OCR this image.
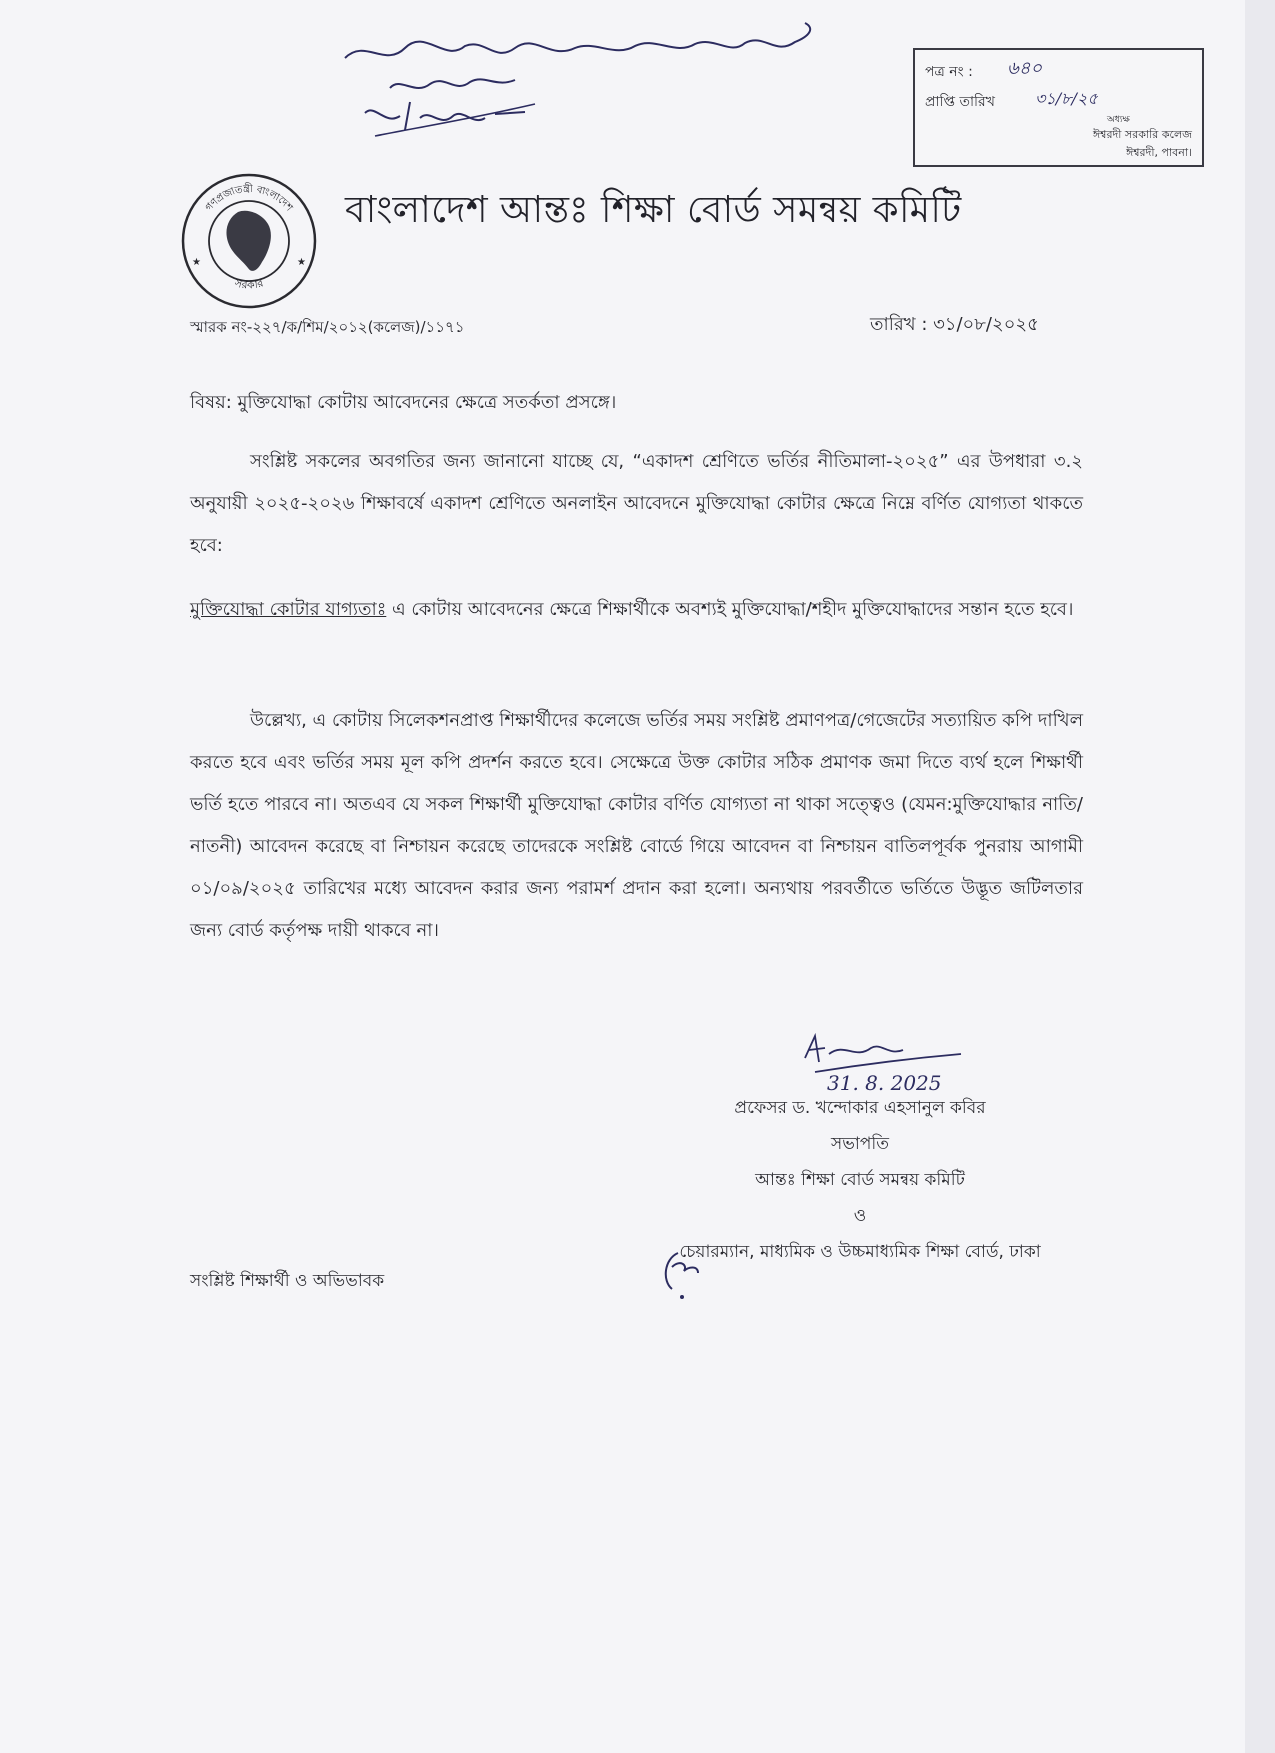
পত্র নং : ৬৪০
প্রাপ্তি তারিখ	৩১/৮/২৫
অধ্যক্ষ
ঈশ্বরদী সরকারি কলেজ
ঈশ্বরদী, পাবনা।
গণপ্রজাতন্ত্রী বাংলাদেশ
সরকার
★	★
বাংলাদেশ আন্তঃ শিক্ষা বোর্ড সমন্বয় কমিটি
স্মারক নং-২২৭/ক/শিম/২০১২(কলেজ)/১১৭১	তারিখ : ৩১/০৮/২০২৫
বিষয়: মুক্তিযোদ্ধা কোটায় আবেদনের ক্ষেত্রে সতর্কতা প্রসঙ্গে।
সংশ্লিষ্ট সকলের অবগতির জন্য জানানো যাচ্ছে যে, “একাদশ শ্রেণিতে ভর্তির নীতিমালা-২০২৫” এর উপধারা ৩.২ অনুযায়ী ২০২৫-২০২৬ শিক্ষাবর্ষে একাদশ শ্রেণিতে অনলাইন আবেদনে মুক্তিযোদ্ধা কোটার ক্ষেত্রে নিম্নে বর্ণিত যোগ্যতা থাকতে হবে:
মুক্তিযোদ্ধা কোটার যাগ্যতাঃ এ কোটায় আবেদনের ক্ষেত্রে শিক্ষার্থীকে অবশ্যই মুক্তিযোদ্ধা/শহীদ মুক্তিযোদ্ধাদের সন্তান হতে হবে।
উল্লেখ্য, এ কোটায় সিলেকশনপ্রাপ্ত শিক্ষার্থীদের কলেজে ভর্তির সময় সংশ্লিষ্ট প্রমাণপত্র/গেজেটের সত্যায়িত কপি দাখিল করতে হবে এবং ভর্তির সময় মূল কপি প্রদর্শন করতে হবে। সেক্ষেত্রে উক্ত কোটার সঠিক প্রমাণক জমা দিতে ব্যর্থ হলে শিক্ষার্থী ভর্তি হতে পারবে না। অতএব যে সকল শিক্ষার্থী মুক্তিযোদ্ধা কোটার বর্ণিত যোগ্যতা না থাকা সত্ত্বেও (যেমন:মুক্তিযোদ্ধার নাতি/নাতনী) আবেদন করেছে বা নিশ্চায়ন করেছে তাদেরকে সংশ্লিষ্ট বোর্ডে গিয়ে আবেদন বা নিশ্চায়ন বাতিলপূর্বক পুনরায় আগামী ০১/০৯/২০২৫ তারিখের মধ্যে আবেদন করার জন্য পরামর্শ প্রদান করা হলো। অন্যথায় পরবর্তীতে ভর্তিতে উদ্ভূত জটিলতার জন্য বোর্ড কর্তৃপক্ষ দায়ী থাকবে না।
31. 8. 2025
প্রফেসর ড. খন্দোকার এহসানুল কবির
সভাপতি
আন্তঃ শিক্ষা বোর্ড সমন্বয় কমিটি
ও
চেয়ারম্যান, মাধ্যমিক ও উচ্চমাধ্যমিক শিক্ষা বোর্ড, ঢাকা
সংশ্লিষ্ট শিক্ষার্থী ও অভিভাবক
